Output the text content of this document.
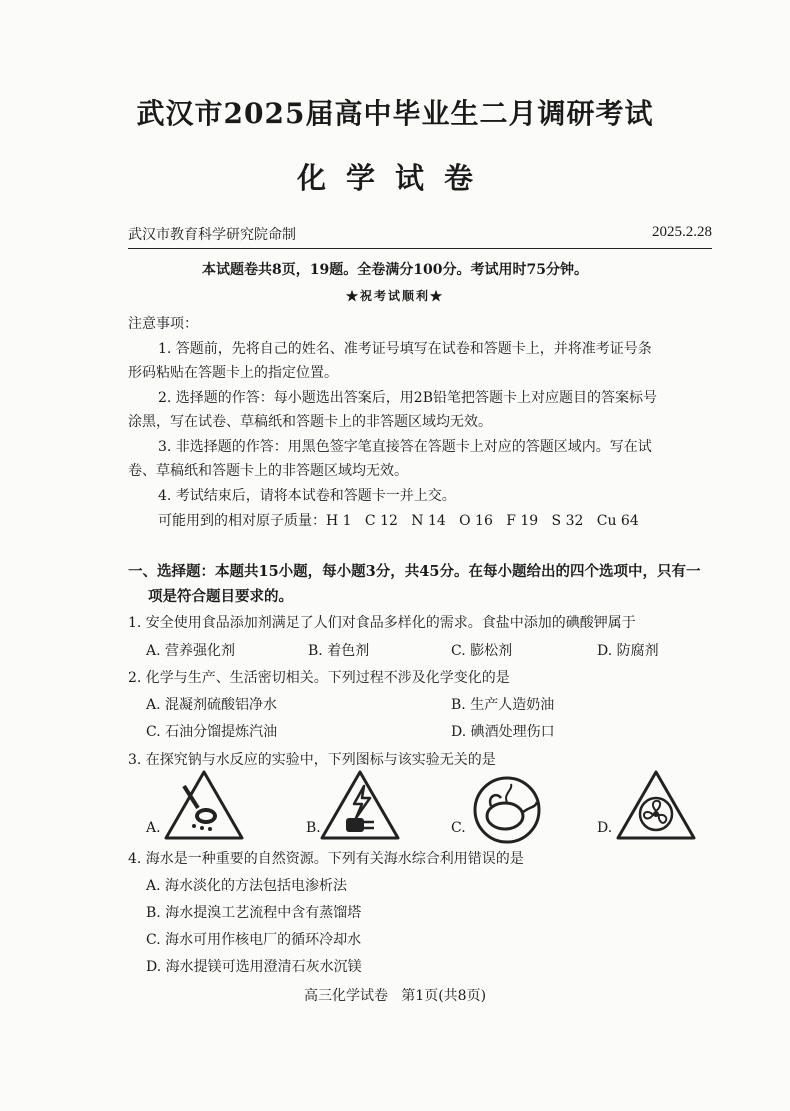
武汉市2025届高中毕业生二月调研考试
化学试卷
武汉市教育科学研究院命制	2025.2.28
本试题卷共8页，19题。全卷满分100分。考试用时75分钟。
★祝考试顺利★
注意事项：
1. 答题前，先将自己的姓名、准考证号填写在试卷和答题卡上，并将准考证号条
形码粘贴在答题卡上的指定位置。
2. 选择题的作答：每小题选出答案后，用2B铅笔把答题卡上对应题目的答案标号
涂黑，写在试卷、草稿纸和答题卡上的非答题区域均无效。
3. 非选择题的作答：用黑色签字笔直接答在答题卡上对应的答题区域内。写在试
卷、草稿纸和答题卡上的非答题区域均无效。
4. 考试结束后，请将本试卷和答题卡一并上交。
可能用到的相对原子质量：H 1   C 12   N 14   O 16   F 19   S 32   Cu 64
一、选择题：本题共15小题，每小题3分，共45分。在每小题给出的四个选项中，只有一
项是符合题目要求的。
1. 安全使用食品添加剂满足了人们对食品多样化的需求。食盐中添加的碘酸钾属于
A. 营养强化剂	B. 着色剂	C. 膨松剂	D. 防腐剂
2. 化学与生产、生活密切相关。下列过程不涉及化学变化的是
A. 混凝剂硫酸铝净水	B. 生产人造奶油
C. 石油分馏提炼汽油	D. 碘酒处理伤口
3. 在探究钠与水反应的实验中，下列图标与该实验无关的是
A.	B.	C.	D.
4. 海水是一种重要的自然资源。下列有关海水综合利用错误的是
A. 海水淡化的方法包括电渗析法
B. 海水提溴工艺流程中含有蒸馏塔
C. 海水可用作核电厂的循环冷却水
D. 海水提镁可选用澄清石灰水沉镁
高三化学试卷   第1页(共8页)
